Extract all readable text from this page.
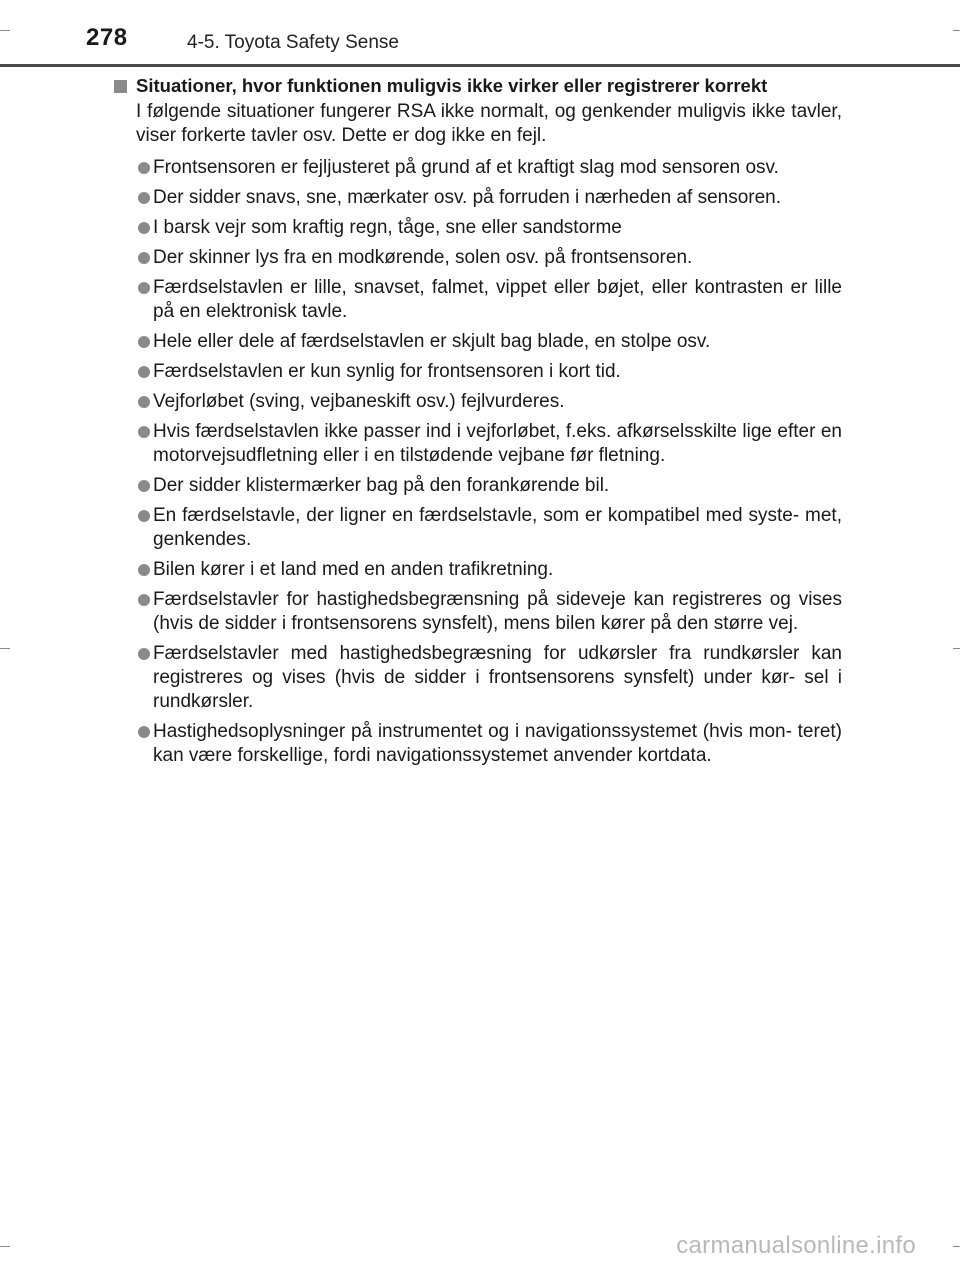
278	4-5. Toyota Safety Sense
Situationer, hvor funktionen muligvis ikke virker eller registrerer korrekt
I følgende situationer fungerer RSA ikke normalt, og genkender muligvis ikke tavler, viser forkerte tavler osv. Dette er dog ikke en fejl.
Frontsensoren er fejljusteret på grund af et kraftigt slag mod sensoren osv.
Der sidder snavs, sne, mærkater osv. på forruden i nærheden af sensoren.
I barsk vejr som kraftig regn, tåge, sne eller sandstorme
Der skinner lys fra en modkørende, solen osv. på frontsensoren.
Færdselstavlen er lille, snavset, falmet, vippet eller bøjet, eller kontrasten er lille på en elektronisk tavle.
Hele eller dele af færdselstavlen er skjult bag blade, en stolpe osv.
Færdselstavlen er kun synlig for frontsensoren i kort tid.
Vejforløbet (sving, vejbaneskift osv.) fejlvurderes.
Hvis færdselstavlen ikke passer ind i vejforløbet, f.eks. afkørselsskilte lige efter en motorvejsudfletning eller i en tilstødende vejbane før fletning.
Der sidder klistermærker bag på den forankørende bil.
En færdselstavle, der ligner en færdselstavle, som er kompatibel med syste- met, genkendes.
Bilen kører i et land med en anden trafikretning.
Færdselstavler for hastighedsbegrænsning på sideveje kan registreres og vises (hvis de sidder i frontsensorens synsfelt), mens bilen kører på den større vej.
Færdselstavler med hastighedsbegræsning for udkørsler fra rundkørsler kan registreres og vises (hvis de sidder i frontsensorens synsfelt) under kør- sel i rundkørsler.
Hastighedsoplysninger på instrumentet og i navigationssystemet (hvis mon- teret) kan være forskellige, fordi navigationssystemet anvender kortdata.
carmanualsonline.info
